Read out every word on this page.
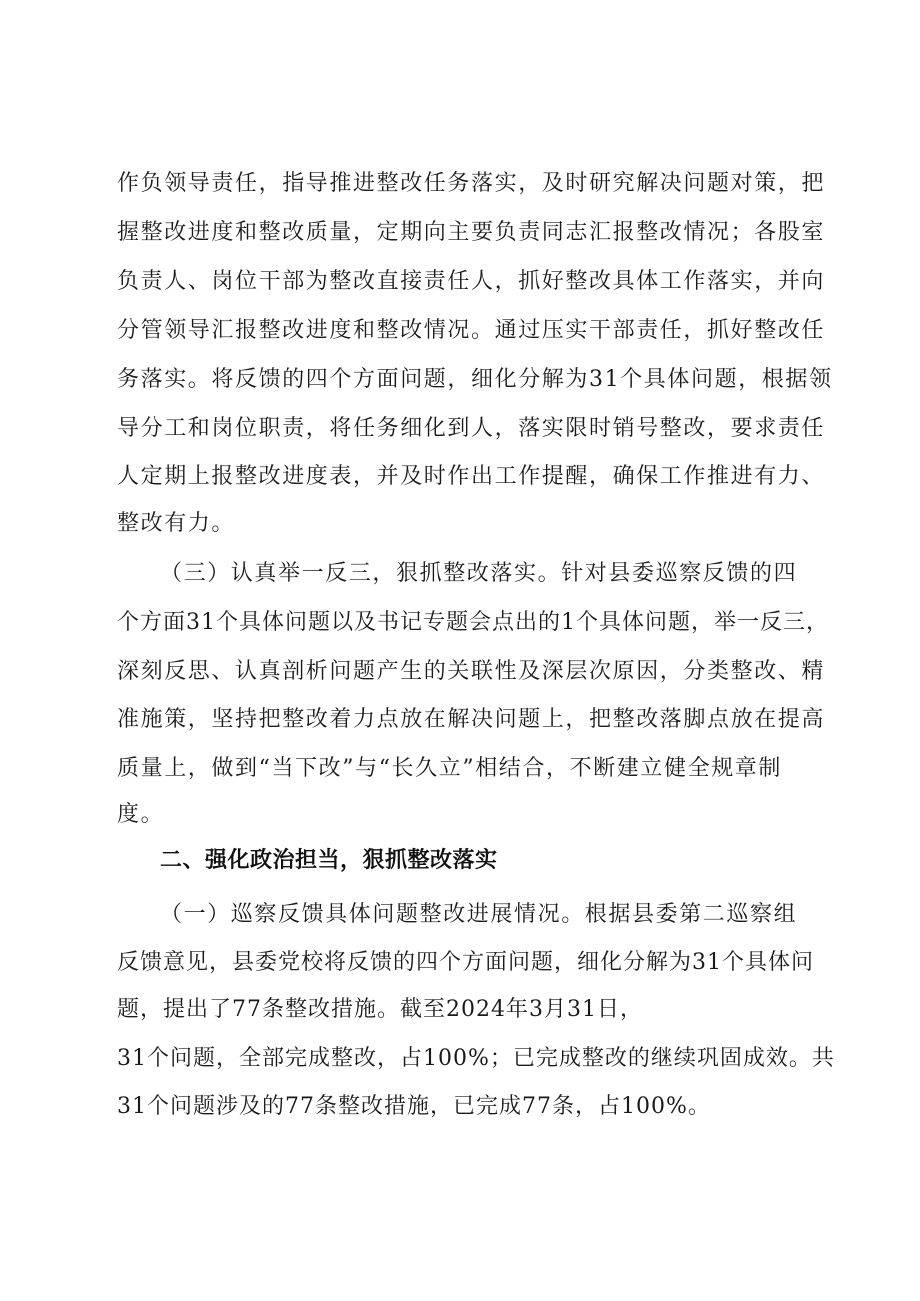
作负领导责任，指导推进整改任务落实，及时研究解决问题对策，把
握整改进度和整改质量，定期向主要负责同志汇报整改情况；各股室
负责人、岗位干部为整改直接责任人，抓好整改具体工作落实，并向
分管领导汇报整改进度和整改情况。通过压实干部责任，抓好整改任
务落实。将反馈的四个方面问题，细化分解为31个具体问题，根据领
导分工和岗位职责，将任务细化到人，落实限时销号整改，要求责任
人定期上报整改进度表，并及时作出工作提醒，确保工作推进有力、
整改有力。
（三）认真举一反三，狠抓整改落实。针对县委巡察反馈的四
个方面31个具体问题以及书记专题会点出的1个具体问题，举一反三，
深刻反思、认真剖析问题产生的关联性及深层次原因，分类整改、精
准施策，坚持把整改着力点放在解决问题上，把整改落脚点放在提高
质量上，做到“当下改”与“长久立”相结合，不断建立健全规章制
度。
二、强化政治担当，狠抓整改落实
（一）巡察反馈具体问题整改进展情况。根据县委第二巡察组
反馈意见，县委党校将反馈的四个方面问题，细化分解为31个具体问
题，提出了77条整改措施。截至2024年3月31日，
31个问题，全部完成整改，占100%；已完成整改的继续巩固成效。共
31个问题涉及的77条整改措施，已完成77条，占100%。
